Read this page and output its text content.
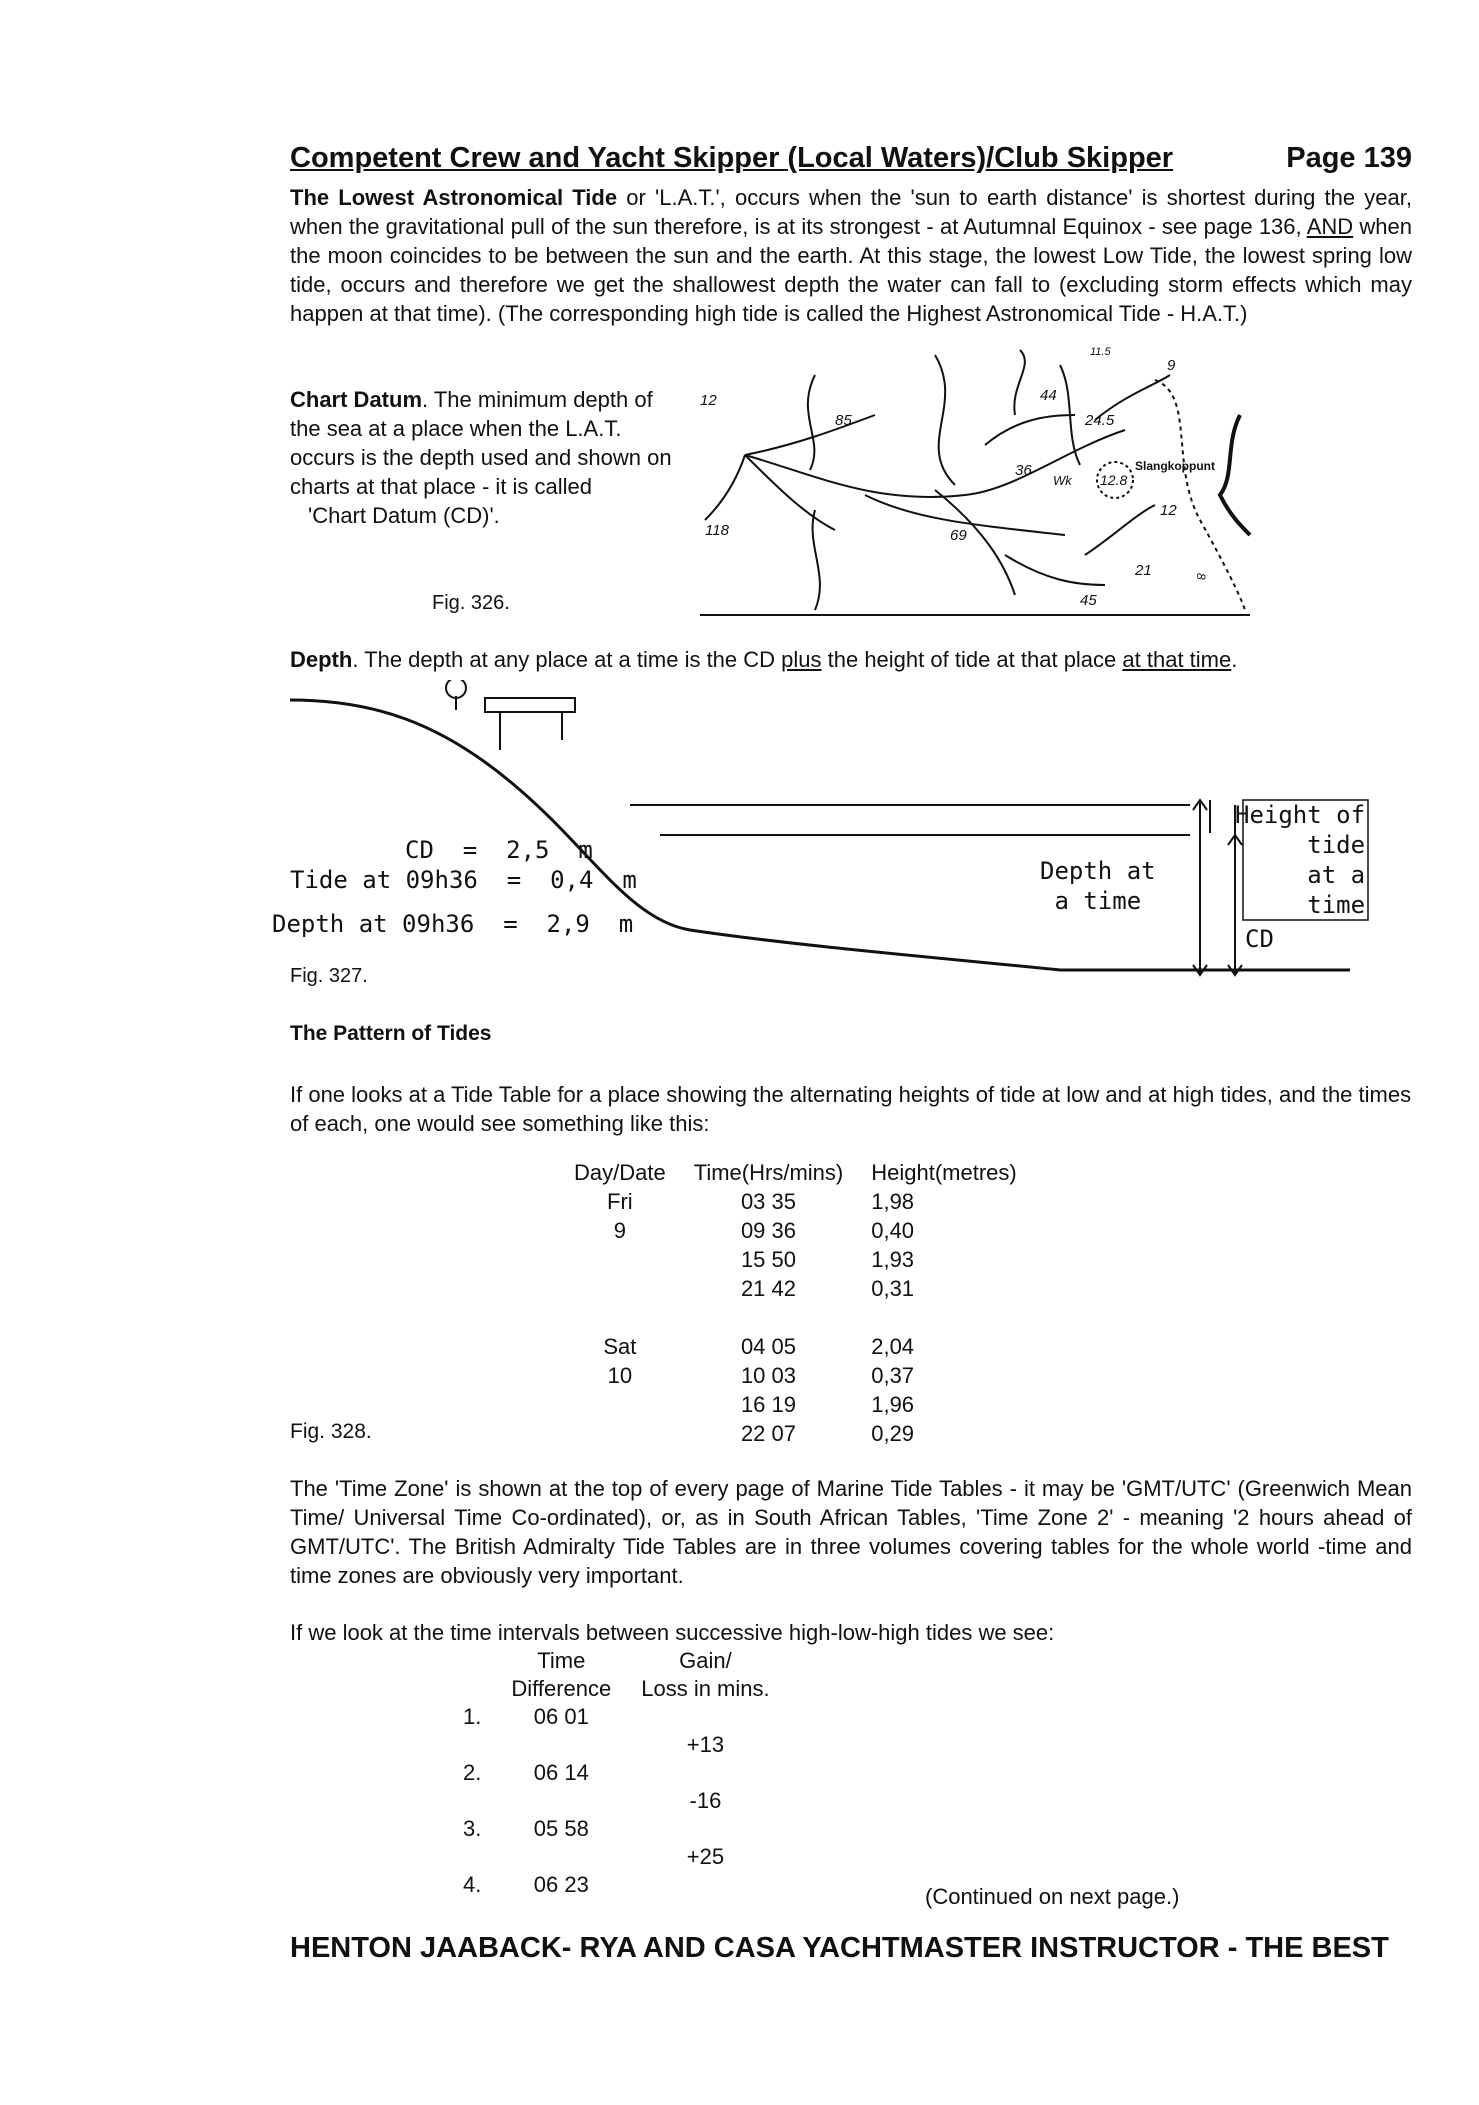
Competent Crew and Yacht Skipper (Local Waters)/Club Skipper	Page 139
The Lowest Astronomical Tide or 'L.A.T.', occurs when the 'sun to earth distance' is shortest during the year, when the gravitational pull of the sun therefore, is at its strongest - at Autumnal Equinox - see page 136, AND when the moon coincides to be between the sun and the earth. At this stage, the lowest Low Tide, the lowest spring low tide, occurs and therefore we get the shallowest depth the water can fall to (excluding storm effects which may happen at that time). (The corresponding high tide is called the Highest Astronomical Tide - H.A.T.)
Chart Datum. The minimum depth of the sea at a place when the L.A.T. occurs is the depth used and shown on charts at that place - it is called
'Chart Datum (CD)'.
Fig. 326.
12
85
44
24.5
9
36
Wk 12.8
Slangkoppunt
12
118	69
8
21
45
11.5
Depth. The depth at any place at a time is the CD plus the height of tide at that place at that time.
CD  =  2,5  m
Tide at 09h36  =  0,4  m
Depth at 09h36  =  2,9  m
Depth at
a time
Height of
tide
at a
time
CD
Fig. 327.
The Pattern of Tides
If one looks at a Tide Table for a place showing the alternating heights of tide at low and at high tides, and the times of each, one would see something like this:
Day/Date	Time(Hrs/mins)	Height(metres)
Fri	03 35	1,98
9	09 36	0,40
	15 50	1,93
	21 42	0,31

Sat	04 05	2,04
10	10 03	0,37
	16 19	1,96
	22 07	0,29
Fig. 328.
The 'Time Zone' is shown at the top of every page of Marine Tide Tables - it may be 'GMT/UTC' (Greenwich Mean Time/ Universal Time Co-ordinated), or, as in South African Tables, 'Time Zone 2' - meaning '2 hours ahead of GMT/UTC'. The British Admiralty Tide Tables are in three volumes covering tables for the whole world -time and time zones are obviously very important.
If we look at the time intervals between successive high-low-high tides we see:
	Time	Gain/
	Difference	Loss in mins.
1.	06 01	
		+13
2.	06 14	
		-16
3.	05 58	
		+25
4.	06 23		(Continued on next page.)
HENTON JAABACK- RYA AND CASA YACHTMASTER INSTRUCTOR - THE BEST
